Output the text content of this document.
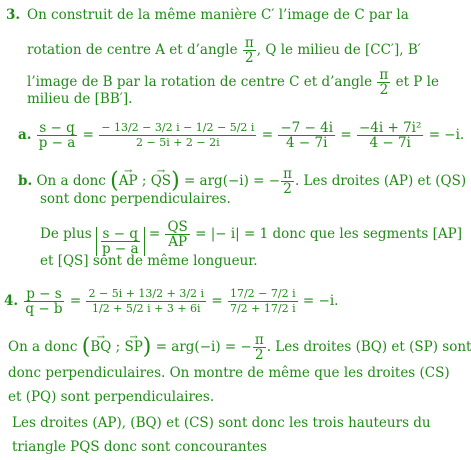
3. On construit de la même manière C′ l’image de C par la
rotation de centre A et d’angle $\frac{\pi}{2}$ , Q le milieu de [CC′], B′
l’image de B par la rotation de centre C et d’angle $\frac{\pi}{2}$ et P le
milieu de [BB′].
a. $\frac{s - q}{p - a} = \frac{- 13/2 - 3/2 i - 1/2 - 5/2 i}{2 - 5i + 2 - 2i} = \frac{-7 - 4i}{4 - 7i} = \frac{\text{−4i + 7i²}}{4 - 7i} = -i$.
b. On a donc (→ AP ; → QS) = arg(−i) = − $\frac{\pi}{2}$ . Les droites (AP) et (QS)
sont donc perpendiculaires.
De plus $\frac{s - q}{p - a} = \frac{QS}{AP}$ = |− i| = 1 donc que les segments [AP]
et [QS] sont de même longueur.
4. $\frac{p - s}{q - b} = \frac{2 - 5i + 13/2 + 3/2 i}{1/2 + 5/2 i + 3 + 6i} = \frac{17/2 - 7/2 i}{7/2 + 17/2 i} = -i$.
On a donc (→ BQ ; → SP) = arg(−i) = − $\frac{\pi}{2}$ . Les droites (BQ) et (SP) sont
donc perpendiculaires. On montre de même que les droites (CS)
et (PQ) sont perpendiculaires.
Les droites (AP), (BQ) et (CS) sont donc les trois hauteurs du
triangle PQS donc sont concourantes
